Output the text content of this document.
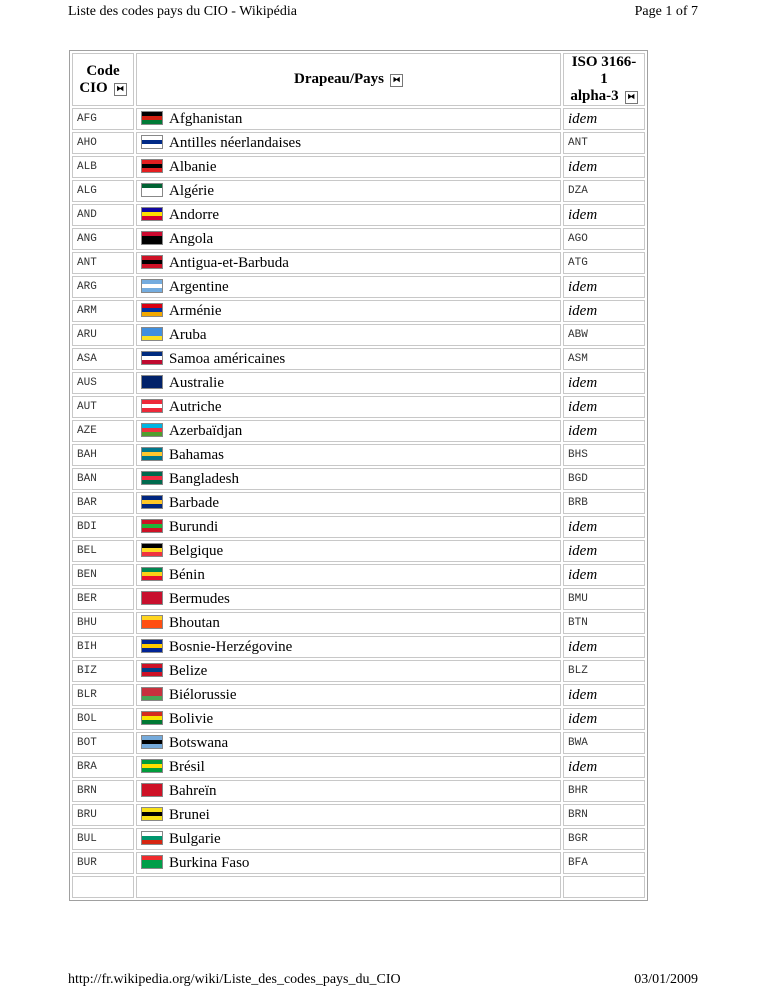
Liste des codes pays du CIO - Wikipédia	Page 1 of 7
Code
CIO ⧓	Drapeau/Pays ⧓	ISO 3166-1
alpha-3 ⧓
AFG	Afghanistan	idem
AHO	Antilles néerlandaises	ANT
ALB	Albanie	idem
ALG	Algérie	DZA
AND	Andorre	idem
ANG	Angola	AGO
ANT	Antigua-et-Barbuda	ATG
ARG	Argentine	idem
ARM	Arménie	idem
ARU	Aruba	ABW
ASA	Samoa américaines	ASM
AUS	Australie	idem
AUT	Autriche	idem
AZE	Azerbaïdjan	idem
BAH	Bahamas	BHS
BAN	Bangladesh	BGD
BAR	Barbade	BRB
BDI	Burundi	idem
BEL	Belgique	idem
BEN	Bénin	idem
BER	Bermudes	BMU
BHU	Bhoutan	BTN
BIH	Bosnie-Herzégovine	idem
BIZ	Belize	BLZ
BLR	Biélorussie	idem
BOL	Bolivie	idem
BOT	Botswana	BWA
BRA	Brésil	idem
BRN	Bahreïn	BHR
BRU	Brunei	BRN
BUL	Bulgarie	BGR
BUR	Burkina Faso	BFA

http://fr.wikipedia.org/wiki/Liste_des_codes_pays_du_CIO	03/01/2009
